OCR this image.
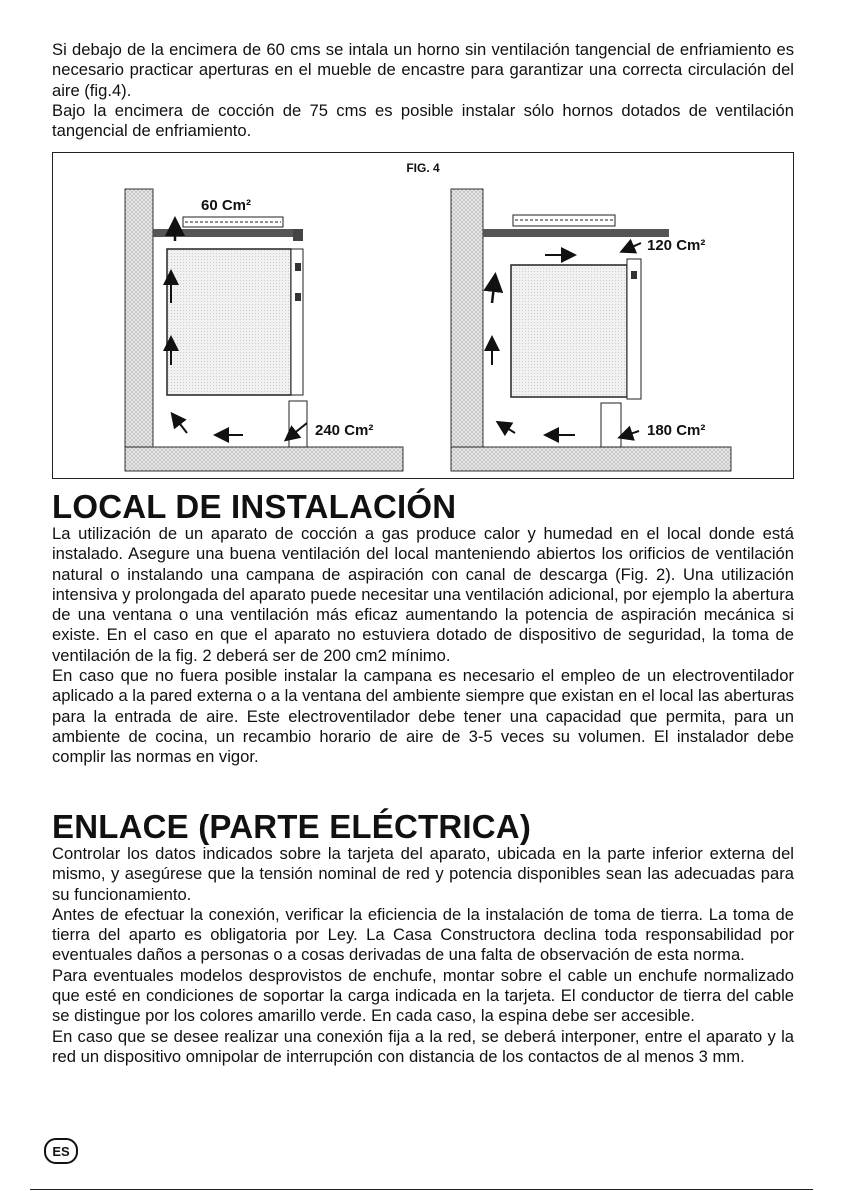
Si debajo de la encimera de 60 cms se intala un horno sin ventilación tangencial de enfriamiento es necesario practicar aperturas en el mueble de encastre para garantizar una correcta circulación del aire (fig.4).
Bajo la encimera de cocción de 75 cms es posible instalar sólo hornos dotados de ventilación tangencial de enfriamiento.
FIG. 4
60 Cm²
240 Cm²
120 Cm²
180 Cm²
LOCAL DE INSTALACIÓN
La utilización de un aparato de cocción a gas produce calor y humedad en el local donde está instalado. Asegure una buena ventilación del local manteniendo abiertos los orificios de ventilación natural o instalando una campana de aspiración con canal de descarga (Fig. 2). Una utilización intensiva y prolongada del aparato puede necesitar una ventilación adicional, por ejemplo la abertura de una ventana o una ventilación más eficaz aumentando la potencia de aspiración mecánica si existe. En el caso en que el aparato no estuviera dotado de dispositivo de seguridad, la toma de ventilación de la fig. 2 deberá ser de 200 cm2 mínimo.
En caso que no fuera posible instalar la campana es necesario el empleo de un electroventilador aplicado a la pared externa o a la ventana del ambiente siempre que existan en el local las aberturas para la entrada de aire. Este electroventilador debe tener una capacidad que permita, para un ambiente de cocina, un recambio horario de aire de 3-5 veces su volumen. El instalador debe complir las normas en vigor.
ENLACE (PARTE ELÉCTRICA)
Controlar los datos indicados sobre la tarjeta del aparato, ubicada en la parte inferior externa del mismo, y asegúrese que la tensión nominal de red y potencia disponibles sean las adecuadas para su funcionamiento.
Antes de efectuar la conexión, verificar la eficiencia de la instalación de toma de tierra. La toma de tierra del aparto es obligatoria por Ley. La Casa Constructora declina toda responsabilidad por eventuales daños a personas o a cosas derivadas de una falta de observación de esta norma.
Para eventuales modelos desprovistos de enchufe, montar sobre el cable un enchufe normalizado que esté en condiciones de soportar la carga indicada en la tarjeta. El conductor de tierra del cable se distingue por los colores amarillo verde. En cada caso, la espina debe ser accesible.
En caso que se desee realizar una conexión fija a la red, se deberá interponer, entre el aparato y la red un dispositivo omnipolar de interrupción con distancia de los contactos de al menos 3 mm.
ES
